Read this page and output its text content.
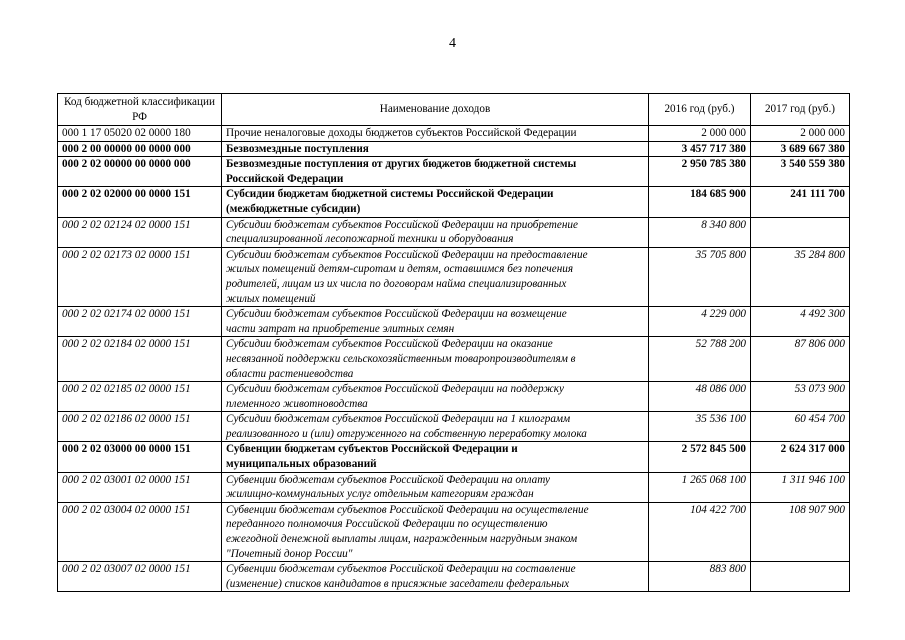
4
Код бюджетной классификации РФ	Наименование доходов	2016 год (руб.)	2017 год (руб.)
000 1 17 05020 02 0000 180	Прочие неналоговые доходы бюджетов субъектов Российской Федерации	2 000 000	2 000 000
000 2 00 00000 00 0000 000	Безвозмездные поступления	3 457 717 380	3 689 667 380
000 2 02 00000 00 0000 000	Безвозмездные поступления от других бюджетов бюджетной системы
Российской Федерации	2 950 785 380	3 540 559 380
000 2 02 02000 00 0000 151	Субсидии бюджетам бюджетной системы Российской Федерации
(межбюджетные субсидии)	184 685 900	241 111 700
000 2 02 02124 02 0000 151	Субсидии бюджетам субъектов Российской Федерации на приобретение
специализированной лесопожарной техники и оборудования	8 340 800	
000 2 02 02173 02 0000 151	Субсидии бюджетам субъектов Российской Федерации на предоставление
жилых помещений детям-сиротам и детям, оставшимся без попечения
родителей, лицам из их числа по договорам найма специализированных
жилых помещений	35 705 800	35 284 800
000 2 02 02174 02 0000 151	Субсидии бюджетам субъектов Российской Федерации на возмещение
части затрат на приобретение элитных семян	4 229 000	4 492 300
000 2 02 02184 02 0000 151	Субсидии бюджетам субъектов Российской Федерации на оказание
несвязанной поддержки сельскохозяйственным товаропроизводителям в
области растениеводства	52 788 200	87 806 000
000 2 02 02185 02 0000 151	Субсидии бюджетам субъектов Российской Федерации на поддержку
племенного животноводства	48 086 000	53 073 900
000 2 02 02186 02 0000 151	Субсидии бюджетам субъектов Российской Федерации на 1 килограмм
реализованного и (или) отгруженного на собственную переработку молока	35 536 100	60 454 700
000 2 02 03000 00 0000 151	Субвенции бюджетам субъектов Российской Федерации и
муниципальных образований	2 572 845 500	2 624 317 000
000 2 02 03001 02 0000 151	Субвенции бюджетам субъектов Российской Федерации на оплату
жилищно-коммунальных услуг отдельным категориям граждан	1 265 068 100	1 311 946 100
000 2 02 03004 02 0000 151	Субвенции бюджетам субъектов Российской Федерации на осуществление
переданного полномочия Российской Федерации по осуществлению
ежегодной денежной выплаты лицам, награжденным нагрудным знаком
"Почетный донор России"	104 422 700	108 907 900
000 2 02 03007 02 0000 151	Субвенции бюджетам субъектов Российской Федерации на составление
(изменение) списков кандидатов в присяжные заседатели федеральных	883 800	
